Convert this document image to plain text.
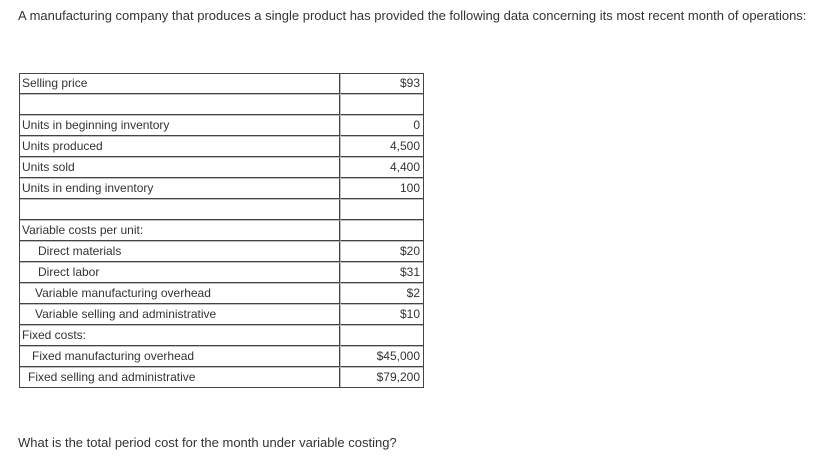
A manufacturing company that produces a single product has provided the following data concerning its most recent month of operations:

Selling price	$93

Units in beginning inventory	0
Units produced	4,500
Units sold	4,400
Units in ending inventory	100

Variable costs per unit:	
Direct materials	$20
Direct labor	$31
Variable manufacturing overhead	$2
Variable selling and administrative	$10
Fixed costs:	
Fixed manufacturing overhead	$45,000
Fixed selling and administrative	$79,200

What is the total period cost for the month under variable costing?
